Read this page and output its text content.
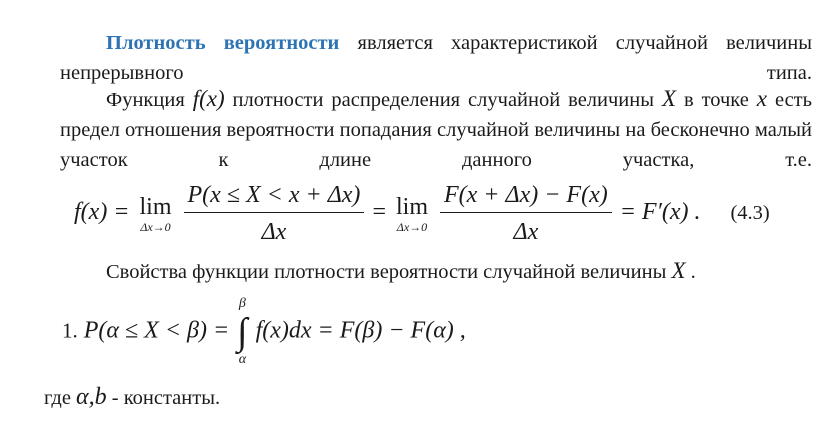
Плотность вероятности является характеристикой случайной величины непрерывного типа.
Функция f(x) плотности распределения случайной величины X в точке x есть предел отношения вероятности попадания случайной величины на бесконечно малый участок к длине данного участка, т.е.
f(x) = lim
Δx→0
$\frac{P(x \le X < x + \Delta x)}{\Delta x} = \lim$
Δx→0
$\frac{F(x + \Delta x) - F(x)}{\Delta x} = F'(x)$ . (4.3)
Свойства функции плотности вероятности случайной величины X .
1. P(α ≤ X < β) =
β
∫
α
f(x)dx = F(β) − F(α) ,
где α,b - константы.
